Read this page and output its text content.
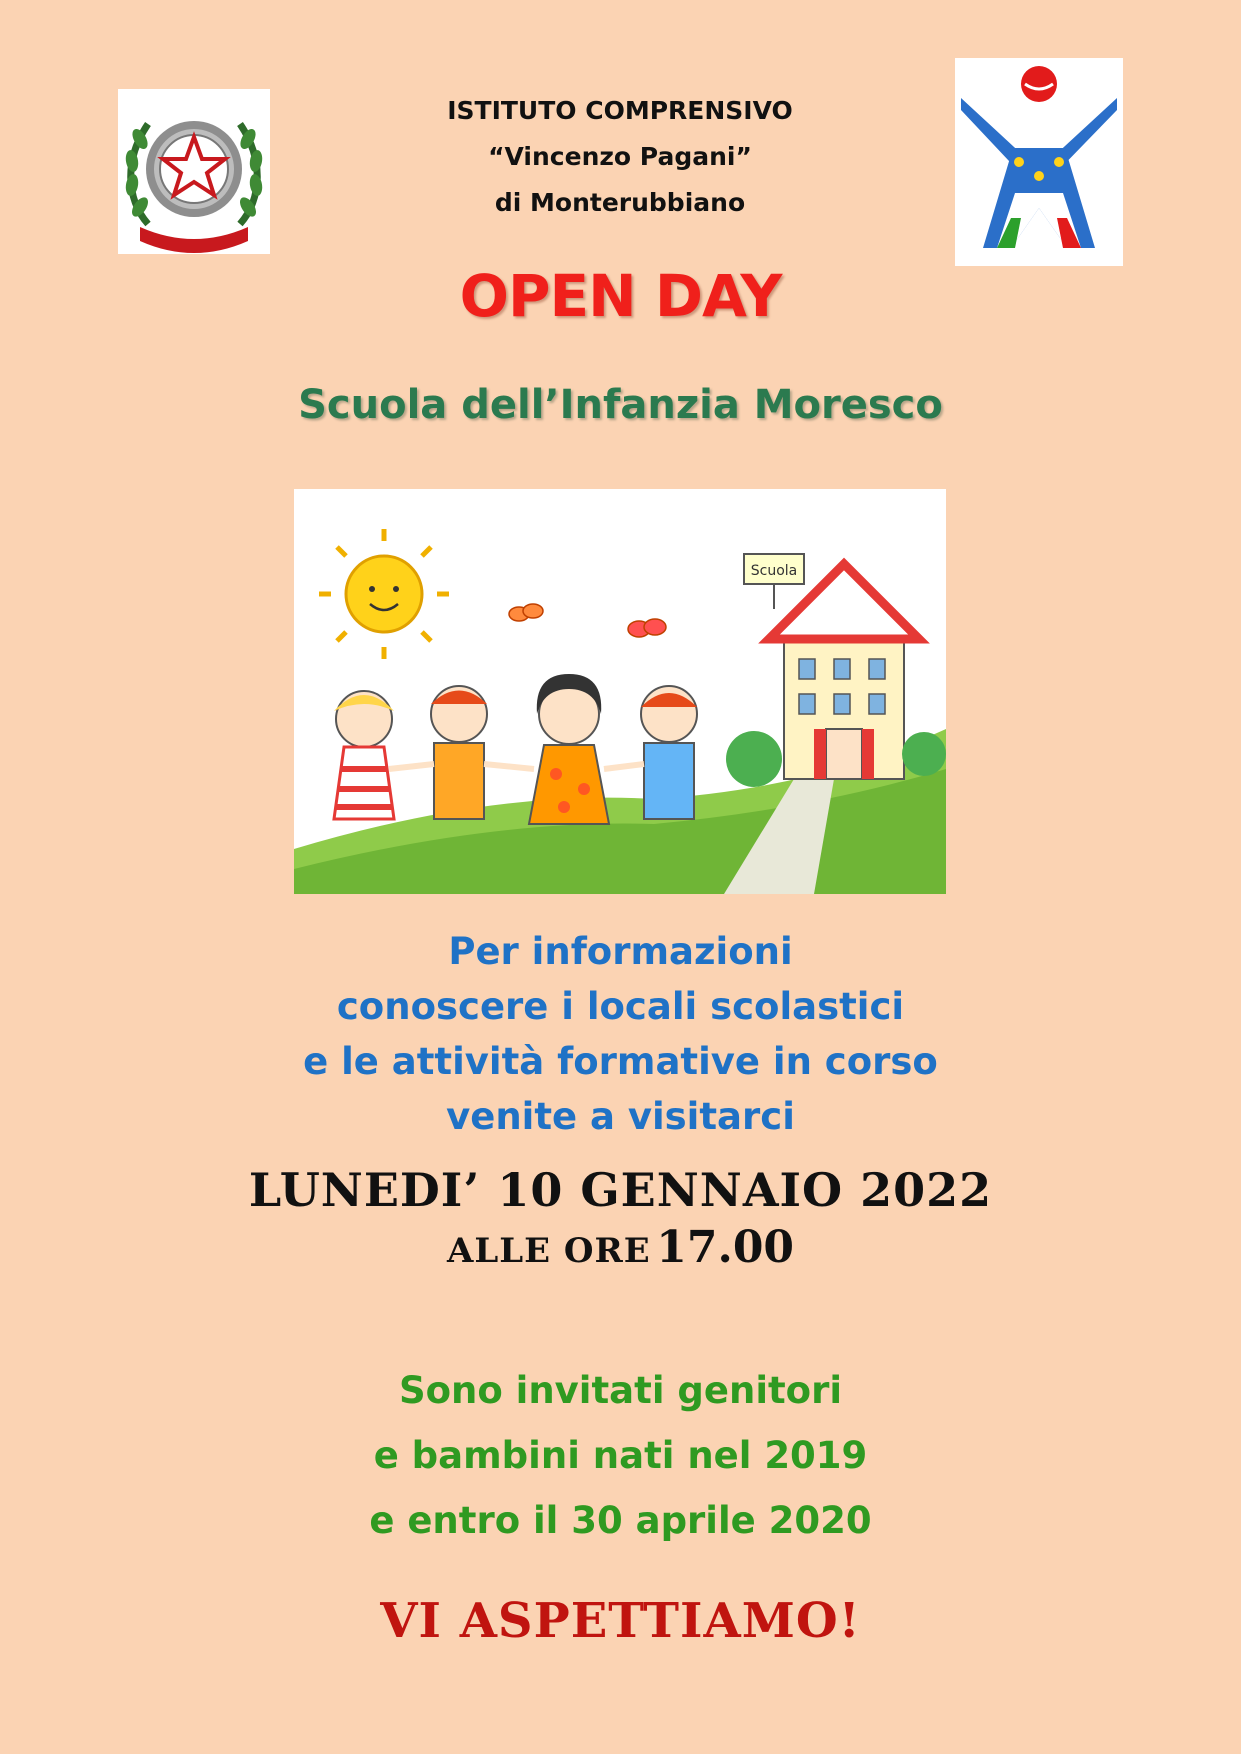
ISTITUTO COMPRENSIVO
“Vincenzo Pagani”
di Monterubbiano
OPEN DAY
Scuola dell’Infanzia Moresco
Scuola
Per informazioni
conoscere i locali scolastici
e le attività formative in corso
venite a visitarci
LUNEDI’ 10 GENNAIO 2022
ALLE ORE 17.00
Sono invitati genitori
e bambini nati nel 2019
e entro il 30 aprile 2020
VI ASPETTIAMO!
